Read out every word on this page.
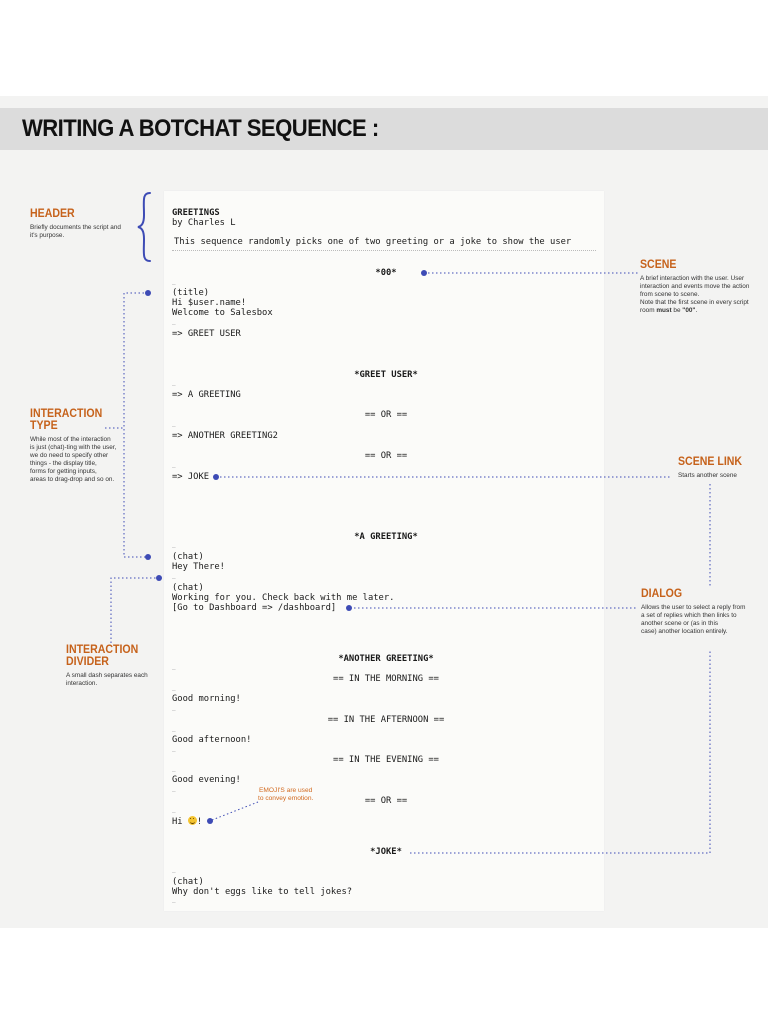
WRITING A BOTCHAT SEQUENCE :
GREETINGS
by Charles L
This sequence randomly picks one of two greeting or a joke to show the user
*00*
–
(title)
Hi $user.name!
Welcome to Salesbox
–
=> GREET USER
*GREET USER*
–
=> A GREETING
== OR ==
–
=> ANOTHER GREETING2
== OR ==
–
=> JOKE
*A GREETING*
–
(chat)
Hey There!
–
(chat)
Working for you. Check back with me later.
[Go to Dashboard => /dashboard]
*ANOTHER GREETING*
== IN THE MORNING ==
–
–
Good morning!
–
== IN THE AFTERNOON ==
–
Good afternoon!
–
== IN THE EVENING ==
–
Good evening!
–
== OR ==
–
Hi !
*JOKE*
–
(chat)
Why don't eggs like to tell jokes?
–
HEADER
Briefly documents the script and
it's purpose.
SCENE
A brief interaction with the user. User
interaction and events move the action
from scene to scene.
Note that the first scene in every script
room must be "00".
INTERACTION
TYPE
While most of the interaction
is just (chat)-ting with the user,
we do need to specify other
things - the display title,
forms for getting inputs,
areas to drag-drop and so on.
SCENE LINK
Starts another scene
DIALOG
Allows the user to select a reply from
a set of replies which then links to
another scene or (as in this
case) another location entirely.
INTERACTION
DIVIDER
A small dash separates each
interaction.
EMOJI'S are used
to convey emotion.
